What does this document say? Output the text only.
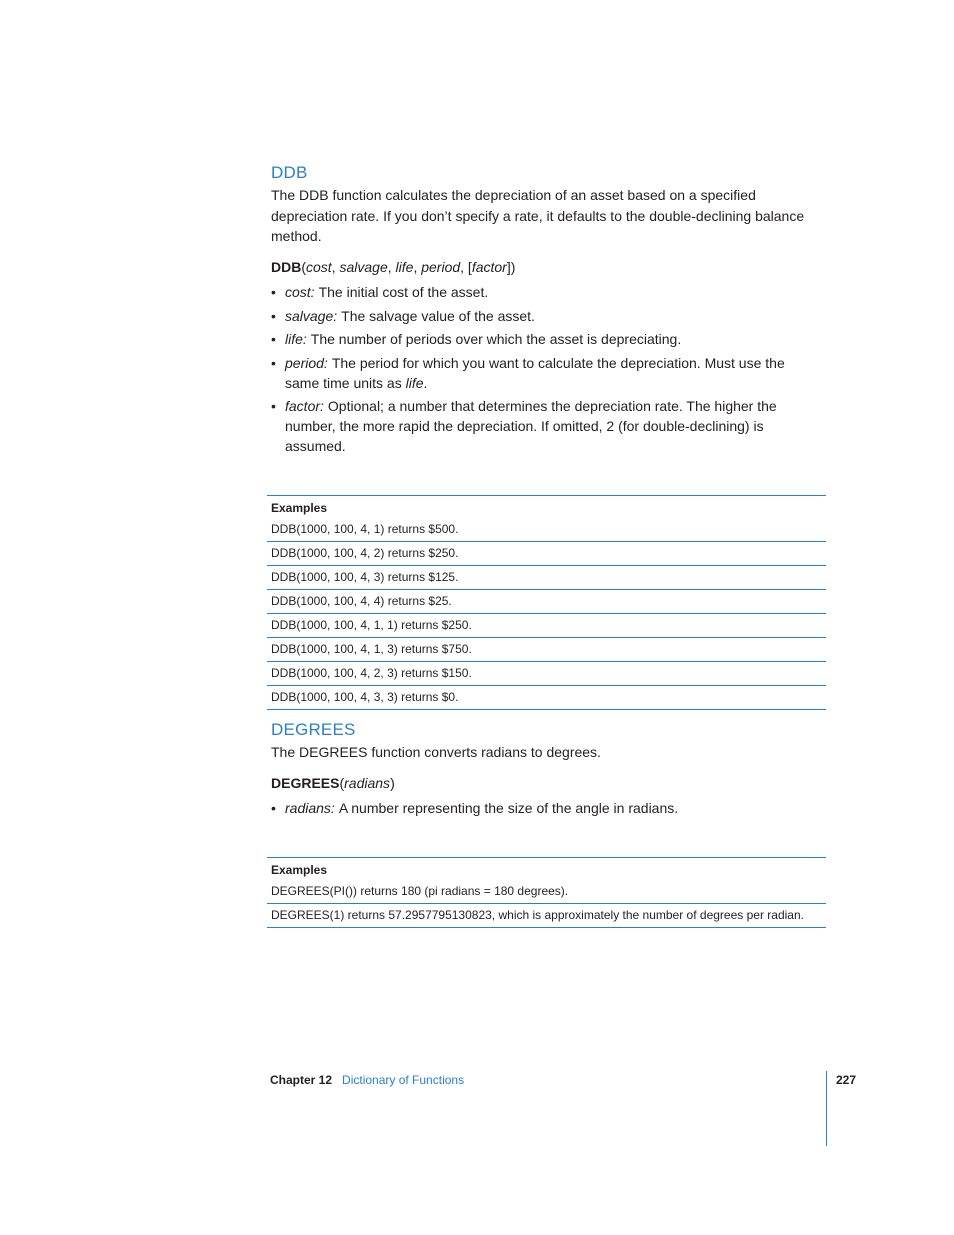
DDB

The DDB function calculates the depreciation of an asset based on a specified depreciation rate. If you don’t specify a rate, it defaults to the double-declining balance method.

DDB(cost, salvage, life, period, [factor])

• cost: The initial cost of the asset.
• salvage: The salvage value of the asset.
• life: The number of periods over which the asset is depreciating.
• period: The period for which you want to calculate the depreciation. Must use the same time units as life.
• factor: Optional; a number that determines the depreciation rate. The higher the number, the more rapid the depreciation. If omitted, 2 (for double-declining) is assumed.
Examples
DDB(1000, 100, 4, 1) returns $500.
DDB(1000, 100, 4, 2) returns $250.
DDB(1000, 100, 4, 3) returns $125.
DDB(1000, 100, 4, 4) returns $25.
DDB(1000, 100, 4, 1, 1) returns $250.
DDB(1000, 100, 4, 1, 3) returns $750.
DDB(1000, 100, 4, 2, 3) returns $150.
DDB(1000, 100, 4, 3, 3) returns $0.
DEGREES

The DEGREES function converts radians to degrees.

DEGREES(radians)

• radians: A number representing the size of the angle in radians.
Examples
DEGREES(PI()) returns 180 (pi radians = 180 degrees).
DEGREES(1) returns 57.2957795130823, which is approximately the number of degrees per radian.
Chapter 12 Dictionary of Functions	227
